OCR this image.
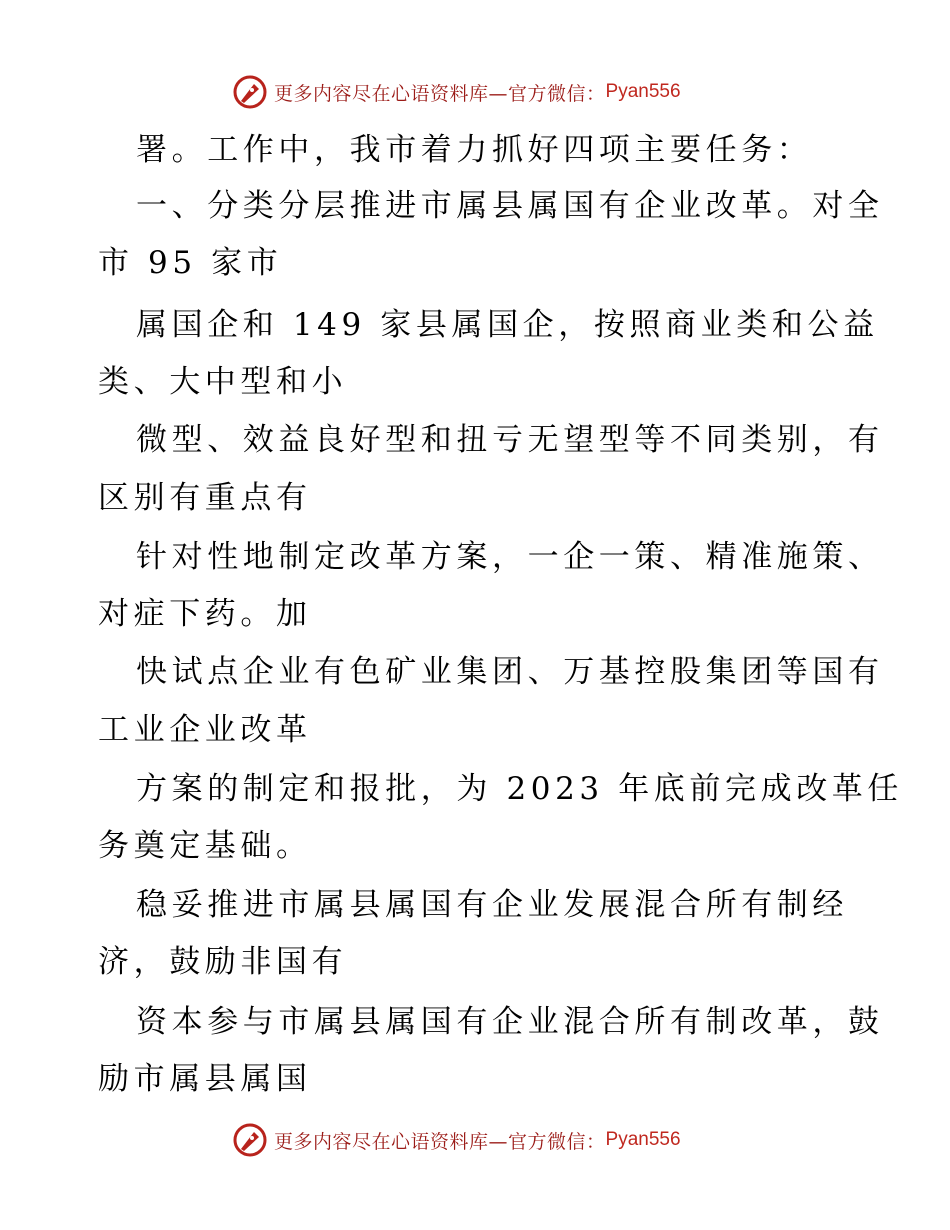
更多内容尽在心语资料库—官方微信： Pyan556
署。工作中，我市着力抓好四项主要任务：
一、分类分层推进市属县属国有企业改革。对全
市 95 家市
属国企和 149 家县属国企，按照商业类和公益
类、大中型和小
微型、效益良好型和扭亏无望型等不同类别，有
区别有重点有
针对性地制定改革方案，一企一策、精准施策、
对症下药。加
快试点企业有色矿业集团、万基控股集团等国有
工业企业改革
方案的制定和报批，为 2023 年底前完成改革任
务奠定基础。
稳妥推进市属县属国有企业发展混合所有制经
济，鼓励非国有
资本参与市属县属国有企业混合所有制改革，鼓
励市属县属国
更多内容尽在心语资料库—官方微信： Pyan556
